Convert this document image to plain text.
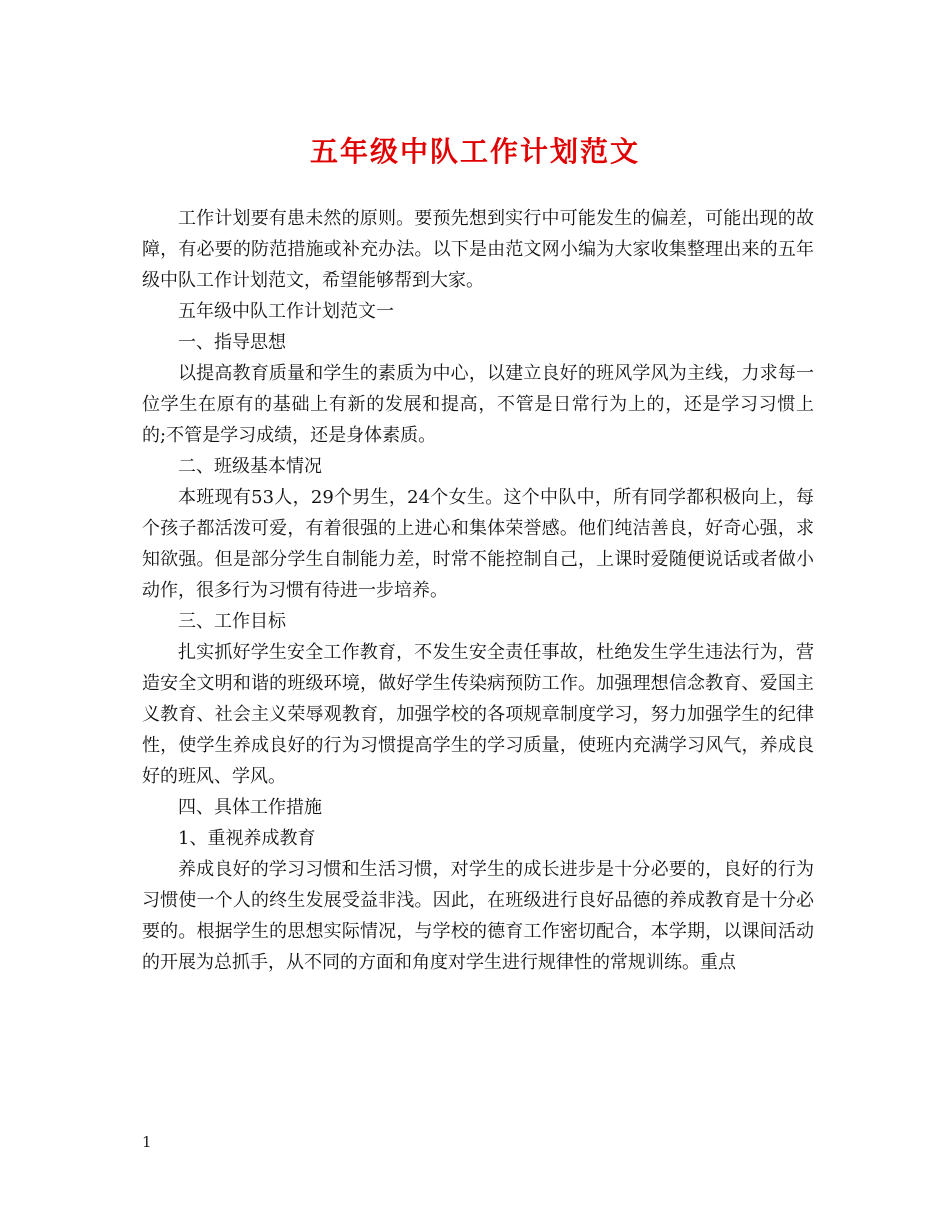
五年级中队工作计划范文

工作计划要有患未然的原则。要预先想到实行中可能发生的偏差，可能出现的故障，有必要的防范措施或补充办法。以下是由范文网小编为大家收集整理出来的五年级中队工作计划范文，希望能够帮到大家。

五年级中队工作计划范文一

一、指导思想

以提高教育质量和学生的素质为中心，以建立良好的班风学风为主线，力求每一位学生在原有的基础上有新的发展和提高，不管是日常行为上的，还是学习习惯上的;不管是学习成绩，还是身体素质。

二、班级基本情况

本班现有53人，29个男生，24个女生。这个中队中，所有同学都积极向上，每个孩子都活泼可爱，有着很强的上进心和集体荣誉感。他们纯洁善良，好奇心强，求知欲强。但是部分学生自制能力差，时常不能控制自己，上课时爱随便说话或者做小动作，很多行为习惯有待进一步培养。

三、工作目标

扎实抓好学生安全工作教育，不发生安全责任事故，杜绝发生学生违法行为，营造安全文明和谐的班级环境，做好学生传染病预防工作。加强理想信念教育、爱国主义教育、社会主义荣辱观教育，加强学校的各项规章制度学习，努力加强学生的纪律性，使学生养成良好的行为习惯提高学生的学习质量，使班内充满学习风气，养成良好的班风、学风。

四、具体工作措施

1、重视养成教育

养成良好的学习习惯和生活习惯，对学生的成长进步是十分必要的，良好的行为习惯使一个人的终生发展受益非浅。因此，在班级进行良好品德的养成教育是十分必要的。根据学生的思想实际情况，与学校的德育工作密切配合，本学期，以课间活动的开展为总抓手，从不同的方面和角度对学生进行规律性的常规训练。重点

1
